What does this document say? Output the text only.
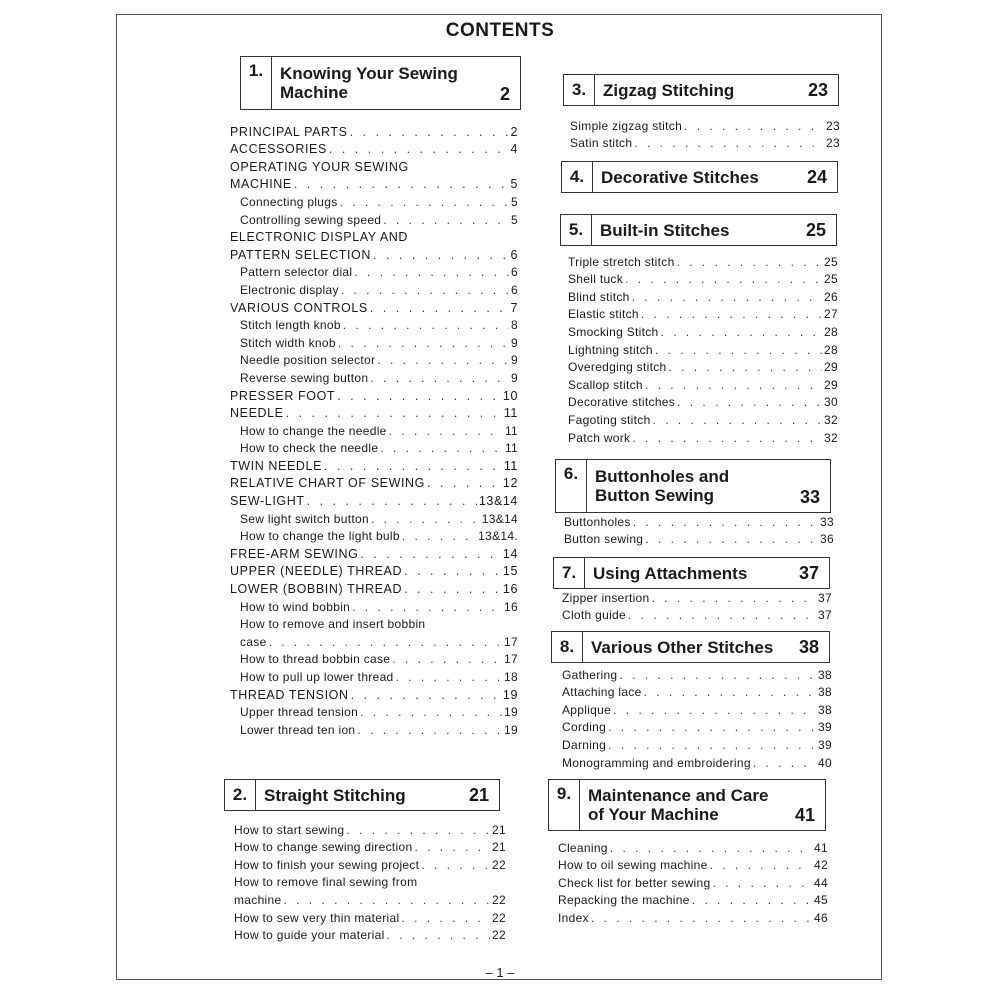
CONTENTS
1. Knowing Your Sewing
Machine	2
PRINCIPAL PARTS . . .	2
ACCESSORIES . . .	4
OPERATING YOUR SEWING
MACHINE . . .	5
Connecting plugs . . .	5
Controlling sewing speed . . .	5
ELECTRONIC DISPLAY AND
PATTERN SELECTION . . .	6
Pattern selector dial . . .	6
Electronic display . . .	6
VARIOUS CONTROLS . . .	7
Stitch length knob . . .	8
Stitch width knob . . .	9
Needle position selector . . .	9
Reverse sewing button . . .	9
PRESSER FOOT . . .	10
NEEDLE . . .	11
How to change the needle . . .	11
How to check the needle . . .	11
TWIN NEEDLE . . .	11
RELATIVE CHART OF SEWING . . .	12
SEW-LIGHT . . .	13&14
Sew light switch button . . .	13&14
How to change the light bulb . . .	13&14.
FREE-ARM SEWING . . .	14
UPPER (NEEDLE) THREAD . . .	15
LOWER (BOBBIN) THREAD . . .	16
How to wind bobbin . . .	16
How to remove and insert bobbin
case . . .	17
How to thread bobbin case . . .	17
How to pull up lower thread . . .	18
THREAD TENSION . . .	19
Upper thread tension . . .	19
Lower thread ten ion . . .	19
2. Straight Stitching	21
How to start sewing . . .	21
How to change sewing direction . . .	21
How to finish your sewing project . . .	22
How to remove final sewing from
machine . . .	22
How to sew very thin material . . .	22
How to guide your material . . .	22
3. Zigzag Stitching	23
Simple zigzag stitch . . .	23
Satin stitch . . .	23
4. Decorative Stitches	24
5. Built-in Stitches	25
Triple stretch stitch . . .	25
Shell tuck . . .	25
Blind stitch . . .	26
Elastic stitch . . .	27
Smocking Stitch . . .	28
Lightning stitch . . .	28
Overedging stitch . . .	29
Scallop stitch . . .	29
Decorative stitches . . .	30
Fagoting stitch . . .	32
Patch work . . .	32
6. Buttonholes and
Button Sewing	33
Buttonholes . . .	33
Button sewing . . .	36
7. Using Attachments	37
Zipper insertion . . .	37
Cloth guide . . .	37
8. Various Other Stitches	38
Gathering . . .	38
Attaching lace . . .	38
Applique . . .	38
Cording . . .	39
Darning . . .	39
Monogramming and embroidering . . .	40
9. Maintenance and Care
of Your Machine	41
Cleaning . . .	41
How to oil sewing machine . . .	42
Check list for better sewing . . .	44
Repacking the machine . . .	45
Index . . .	46
– 1 –
